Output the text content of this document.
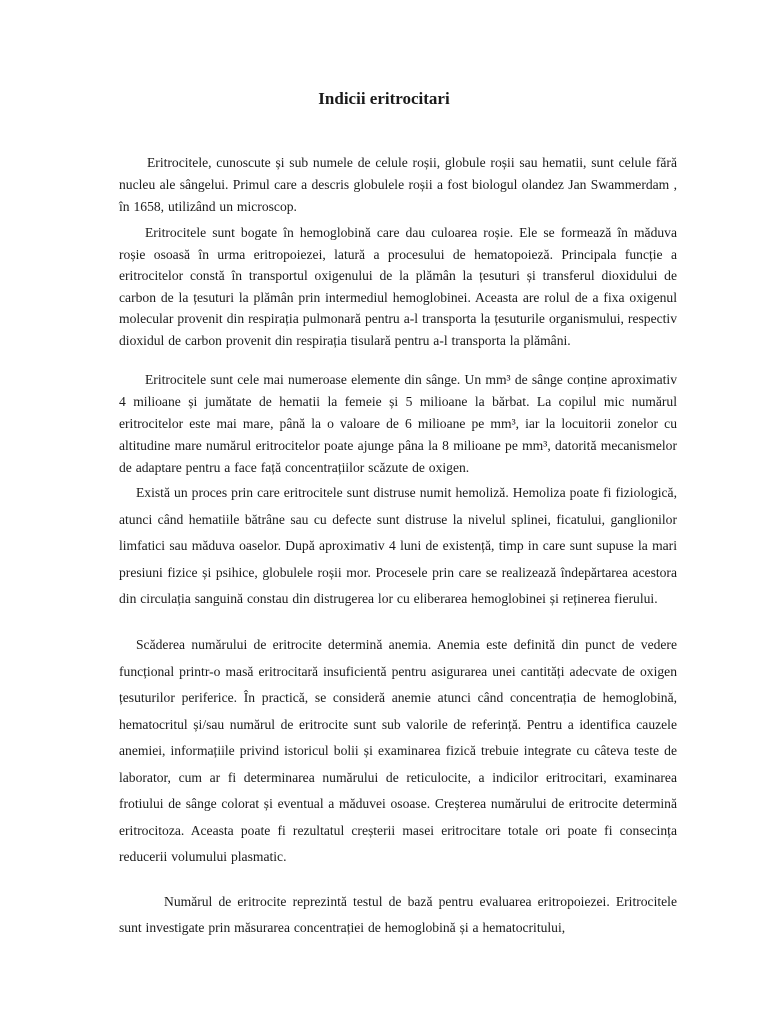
Indicii eritrocitari

Eritrocitele, cunoscute și sub numele de celule roșii, globule roșii sau hematii, sunt celule fără nucleu ale sângelui. Primul care a descris globulele roșii a fost biologul olandez Jan Swammerdam , în 1658, utilizând un microscop.

Eritrocitele sunt bogate în hemoglobină care dau culoarea roșie. Ele se formează în măduva roșie osoasă în urma eritropoiezei, latură a procesului de hematopoieză. Principala funcție a eritrocitelor constă în transportul oxigenului de la plămân la țesuturi și transferul dioxidului de carbon de la țesuturi la plămân prin intermediul hemoglobinei. Aceasta are rolul de a fixa oxigenul molecular provenit din respirația pulmonară pentru a-l transporta la țesuturile organismului, respectiv dioxidul de carbon provenit din respirația tisulară pentru a-l transporta la plămâni.

Eritrocitele sunt cele mai numeroase elemente din sânge. Un mm³ de sânge conține aproximativ 4 milioane și jumătate de hematii la femeie și 5 milioane la bărbat. La copilul mic numărul eritrocitelor este mai mare, până la o valoare de 6 milioane pe mm³, iar la locuitorii zonelor cu altitudine mare numărul eritrocitelor poate ajunge pâna la 8 milioane pe mm³, datorită mecanismelor de adaptare pentru a face față concentrațiilor scăzute de oxigen.

Există un proces prin care eritrocitele sunt distruse numit hemoliză. Hemoliza poate fi fiziologică, atunci când hematiile bătrâne sau cu defecte sunt distruse la nivelul splinei, ficatului, ganglionilor limfatici sau măduva oaselor. După aproximativ 4 luni de existență, timp in care sunt supuse la mari presiuni fizice și psihice, globulele roșii mor. Procesele prin care se realizează îndepărtarea acestora din circulația sanguină constau din distrugerea lor cu eliberarea hemoglobinei și reținerea fierului.

Scăderea numărului de eritrocite determină anemia. Anemia este definită din punct de vedere funcțional printr-o masă eritrocitară insuficientă pentru asigurarea unei cantități adecvate de oxigen țesuturilor periferice. În practică, se consideră anemie atunci când concentrația de hemoglobină, hematocritul și/sau numărul de eritrocite sunt sub valorile de referință. Pentru a identifica cauzele anemiei, informațiile privind istoricul bolii și examinarea fizică trebuie integrate cu câteva teste de laborator, cum ar fi determinarea numărului de reticulocite, a indicilor eritrocitari, examinarea frotiului de sânge colorat și eventual a măduvei osoase. Creșterea numărului de eritrocite determină eritrocitoza. Aceasta poate fi rezultatul creșterii masei eritrocitare totale ori poate fi consecința reducerii volumului plasmatic.

Numărul de eritrocite reprezintă testul de bază pentru evaluarea eritropoiezei. Eritrocitele sunt investigate prin măsurarea concentrației de hemoglobină și a hematocritului,
